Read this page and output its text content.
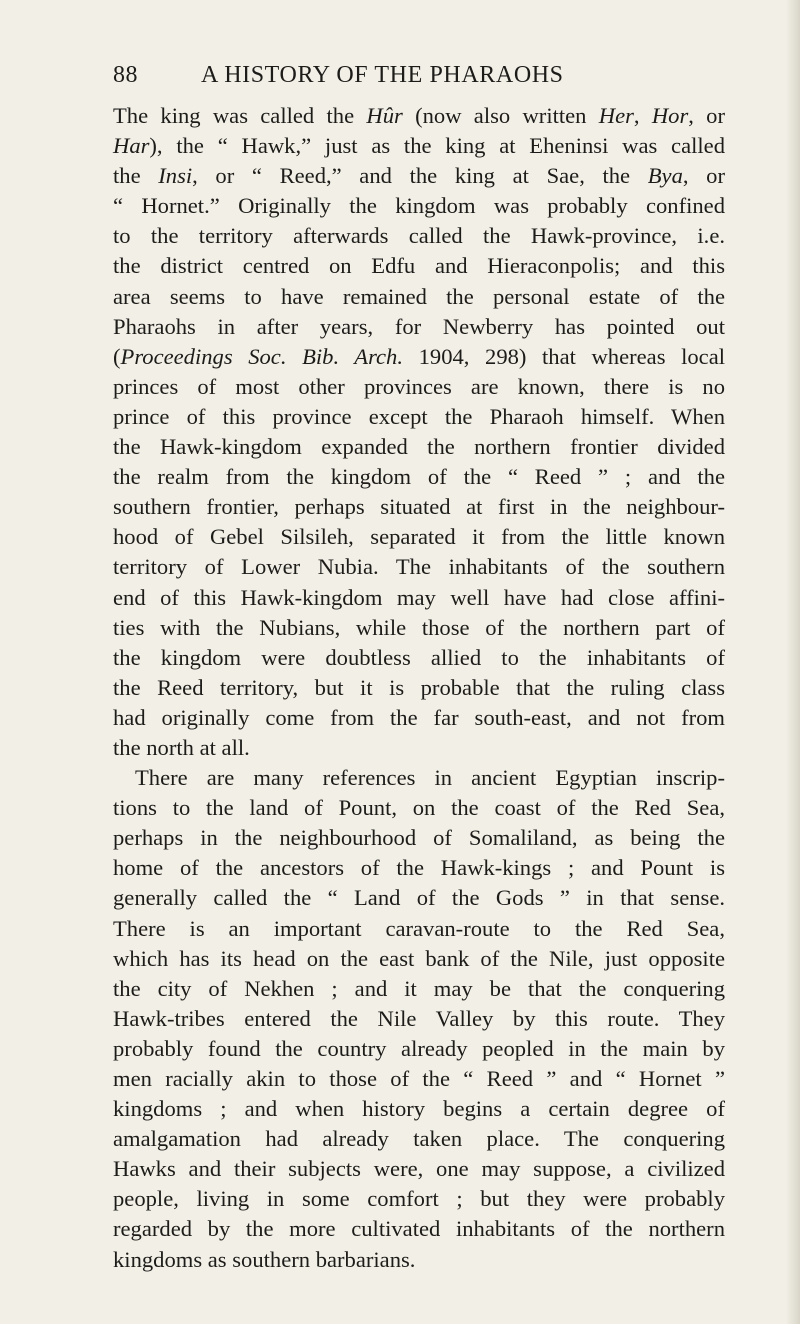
88	A HISTORY OF THE PHARAOHS
The king was called the Hûr (now also written Her, Hor, or
Har), the “ Hawk,” just as the king at Eheninsi was called
the Insi, or “ Reed,” and the king at Sae, the Bya, or
“ Hornet.” Originally the kingdom was probably confined
to the territory afterwards called the Hawk-province, i.e.
the district centred on Edfu and Hieraconpolis; and this
area seems to have remained the personal estate of the
Pharaohs in after years, for Newberry has pointed out
(Proceedings Soc. Bib. Arch. 1904, 298) that whereas local
princes of most other provinces are known, there is no
prince of this province except the Pharaoh himself. When
the Hawk-kingdom expanded the northern frontier divided
the realm from the kingdom of the “ Reed ” ; and the
southern frontier, perhaps situated at first in the neighbour-
hood of Gebel Silsileh, separated it from the little known
territory of Lower Nubia. The inhabitants of the southern
end of this Hawk-kingdom may well have had close affini-
ties with the Nubians, while those of the northern part of
the kingdom were doubtless allied to the inhabitants of
the Reed territory, but it is probable that the ruling class
had originally come from the far south-east, and not from
the north at all.
There are many references in ancient Egyptian inscrip-
tions to the land of Pount, on the coast of the Red Sea,
perhaps in the neighbourhood of Somaliland, as being the
home of the ancestors of the Hawk-kings ; and Pount is
generally called the “ Land of the Gods ” in that sense.
There is an important caravan-route to the Red Sea,
which has its head on the east bank of the Nile, just opposite
the city of Nekhen ; and it may be that the conquering
Hawk-tribes entered the Nile Valley by this route. They
probably found the country already peopled in the main by
men racially akin to those of the “ Reed ” and “ Hornet ”
kingdoms ; and when history begins a certain degree of
amalgamation had already taken place. The conquering
Hawks and their subjects were, one may suppose, a civilized
people, living in some comfort ; but they were probably
regarded by the more cultivated inhabitants of the northern
kingdoms as southern barbarians.
